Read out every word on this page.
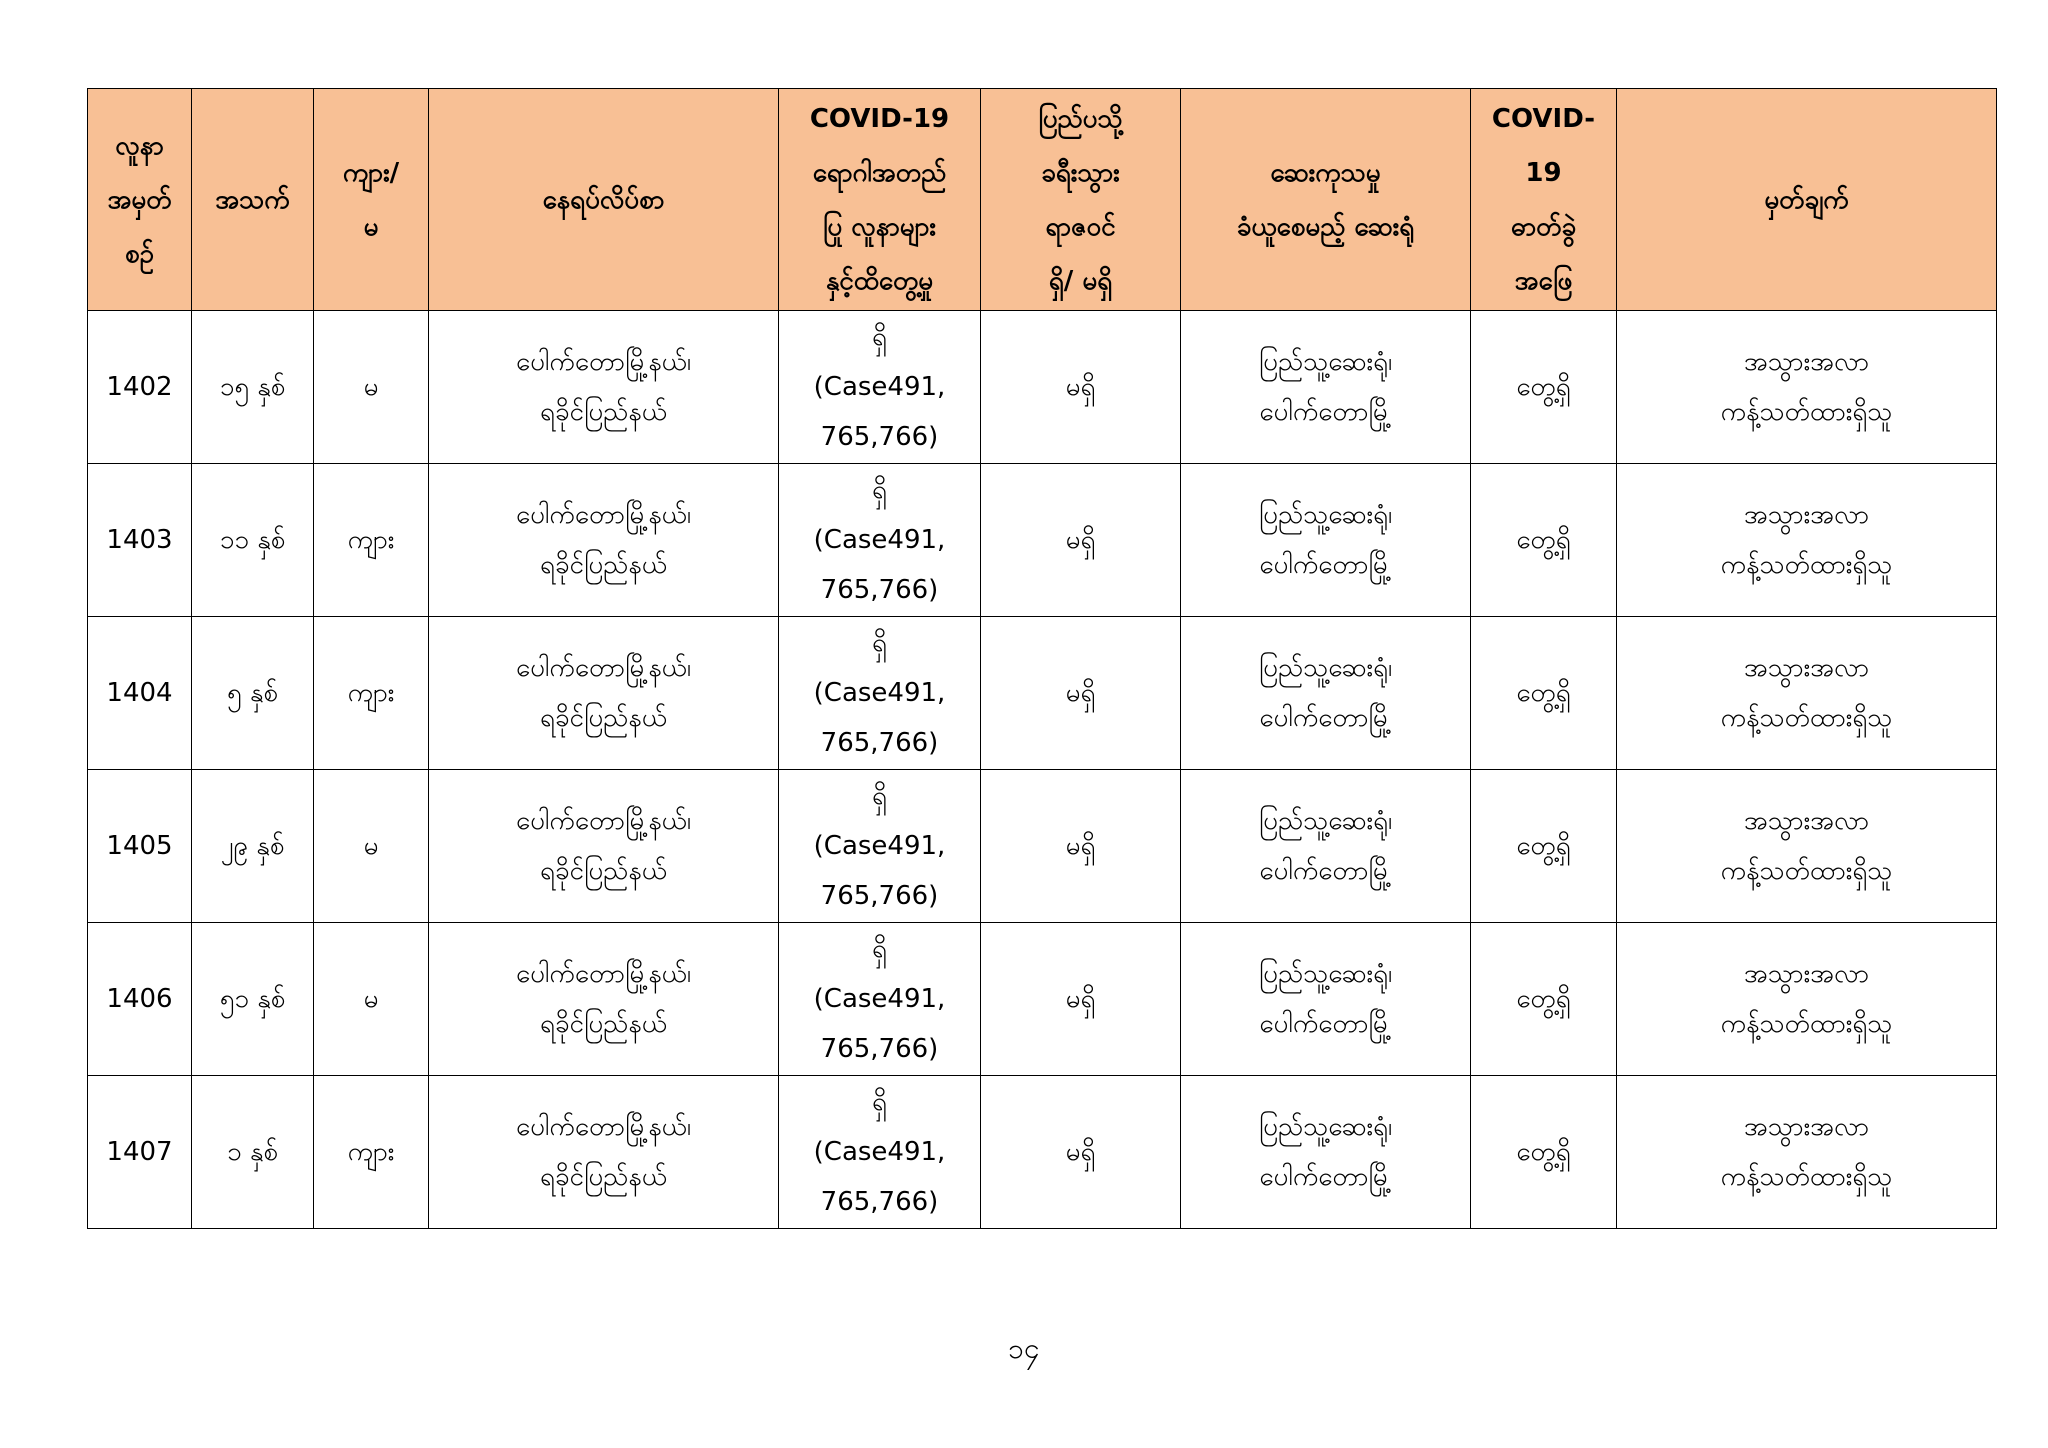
လူနာ
အမှတ်
စဉ်	အသက်	ကျား/
မ	နေရပ်လိပ်စာ	COVID-19
ရောဂါအတည်
ပြု လူနာများ
နှင့်ထိတွေ့မှု	ပြည်ပသို့
ခရီးသွား
ရာဇဝင်
ရှိ/ မရှိ	ဆေးကုသမှု
ခံယူစေမည့် ဆေးရုံ	COVID-
19
ဓာတ်ခွဲ
အဖြေ	မှတ်ချက်

1402	၁၅ နှစ်	မ	ပေါက်တောမြို့နယ်၊
ရခိုင်ပြည်နယ်	ရှိ
(Case491,
765,766)	မရှိ	ပြည်သူ့ဆေးရုံ၊
ပေါက်တောမြို့	တွေ့ရှိ	အသွားအလာ
ကန့်သတ်ထားရှိသူ

1403	၁၁ နှစ်	ကျား	ပေါက်တောမြို့နယ်၊
ရခိုင်ပြည်နယ်	ရှိ
(Case491,
765,766)	မရှိ	ပြည်သူ့ဆေးရုံ၊
ပေါက်တောမြို့	တွေ့ရှိ	အသွားအလာ
ကန့်သတ်ထားရှိသူ

1404	၅ နှစ်	ကျား	ပေါက်တောမြို့နယ်၊
ရခိုင်ပြည်နယ်	ရှိ
(Case491,
765,766)	မရှိ	ပြည်သူ့ဆေးရုံ၊
ပေါက်တောမြို့	တွေ့ရှိ	အသွားအလာ
ကန့်သတ်ထားရှိသူ

1405	၂၉ နှစ်	မ	ပေါက်တောမြို့နယ်၊
ရခိုင်ပြည်နယ်	ရှိ
(Case491,
765,766)	မရှိ	ပြည်သူ့ဆေးရုံ၊
ပေါက်တောမြို့	တွေ့ရှိ	အသွားအလာ
ကန့်သတ်ထားရှိသူ

1406	၅၁ နှစ်	မ	ပေါက်တောမြို့နယ်၊
ရခိုင်ပြည်နယ်	ရှိ
(Case491,
765,766)	မရှိ	ပြည်သူ့ဆေးရုံ၊
ပေါက်တောမြို့	တွေ့ရှိ	အသွားအလာ
ကန့်သတ်ထားရှိသူ

1407	၁ နှစ်	ကျား	ပေါက်တောမြို့နယ်၊
ရခိုင်ပြည်နယ်	ရှိ
(Case491,
765,766)	မရှိ	ပြည်သူ့ဆေးရုံ၊
ပေါက်တောမြို့	တွေ့ရှိ	အသွားအလာ
ကန့်သတ်ထားရှိသူ
၁၄
